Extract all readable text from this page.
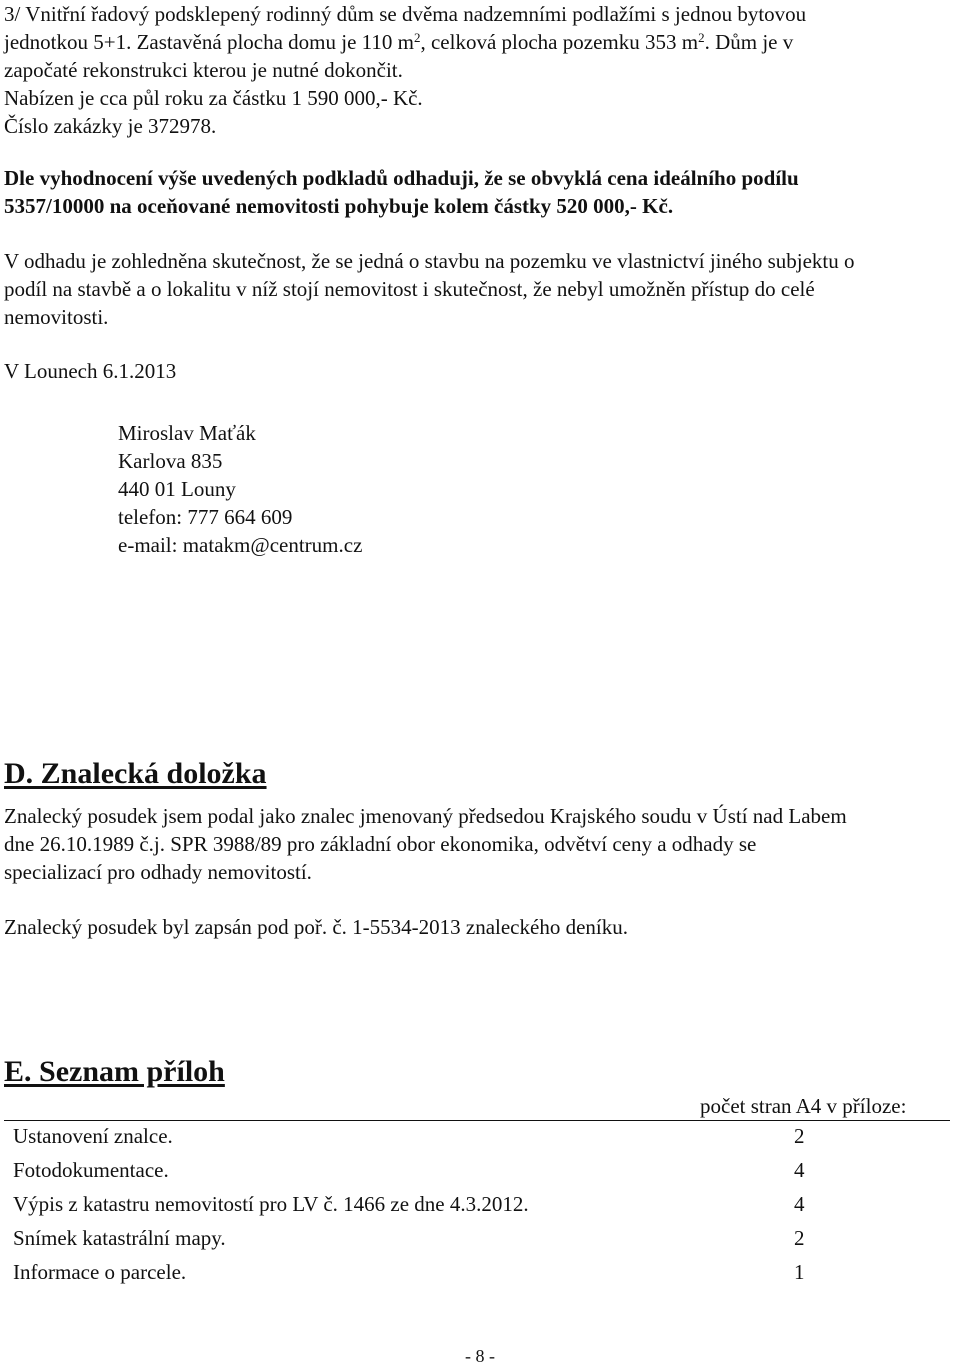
3/ Vnitřní řadový podsklepený rodinný dům se dvěma nadzemními podlažími s jednou bytovou
jednotkou 5+1. Zastavěná plocha domu je 110 $m^2$, celková plocha pozemku 353 $m^2$. Dům je v
započaté rekonstrukci kterou je nutné dokončit.
Nabízen je cca půl roku za částku 1 590 000,- Kč.
Číslo zakázky je 372978.
Dle vyhodnocení výše uvedených podkladů odhaduji, že se obvyklá cena ideálního podílu
5357/10000 na oceňované nemovitosti pohybuje kolem částky 520 000,- Kč.
V odhadu je zohledněna skutečnost, že se jedná o stavbu na pozemku ve vlastnictví jiného subjektu o
podíl na stavbě a o lokalitu v níž stojí nemovitost i skutečnost, že nebyl umožněn přístup do celé
nemovitosti.
V Lounech 6.1.2013
Miroslav Maťák
Karlova 835
440 01 Louny
telefon: 777 664 609
e-mail: matakm@centrum.cz
D. Znalecká doložka
Znalecký posudek jsem podal jako znalec jmenovaný předsedou Krajského soudu v Ústí nad Labem
dne 26.10.1989 č.j. SPR 3988/89 pro základní obor ekonomika, odvětví ceny a odhady se
specializací pro odhady nemovitostí.
Znalecký posudek byl zapsán pod poř. č. 1-5534-2013 znaleckého deníku.
E. Seznam příloh
počet stran A4 v příloze:
Ustanovení znalce.	2
Fotodokumentace.	4
Výpis z katastru nemovitostí pro LV č. 1466 ze dne 4.3.2012.	4
Snímek katastrální mapy.	2
Informace o parcele.	1
- 8 -
